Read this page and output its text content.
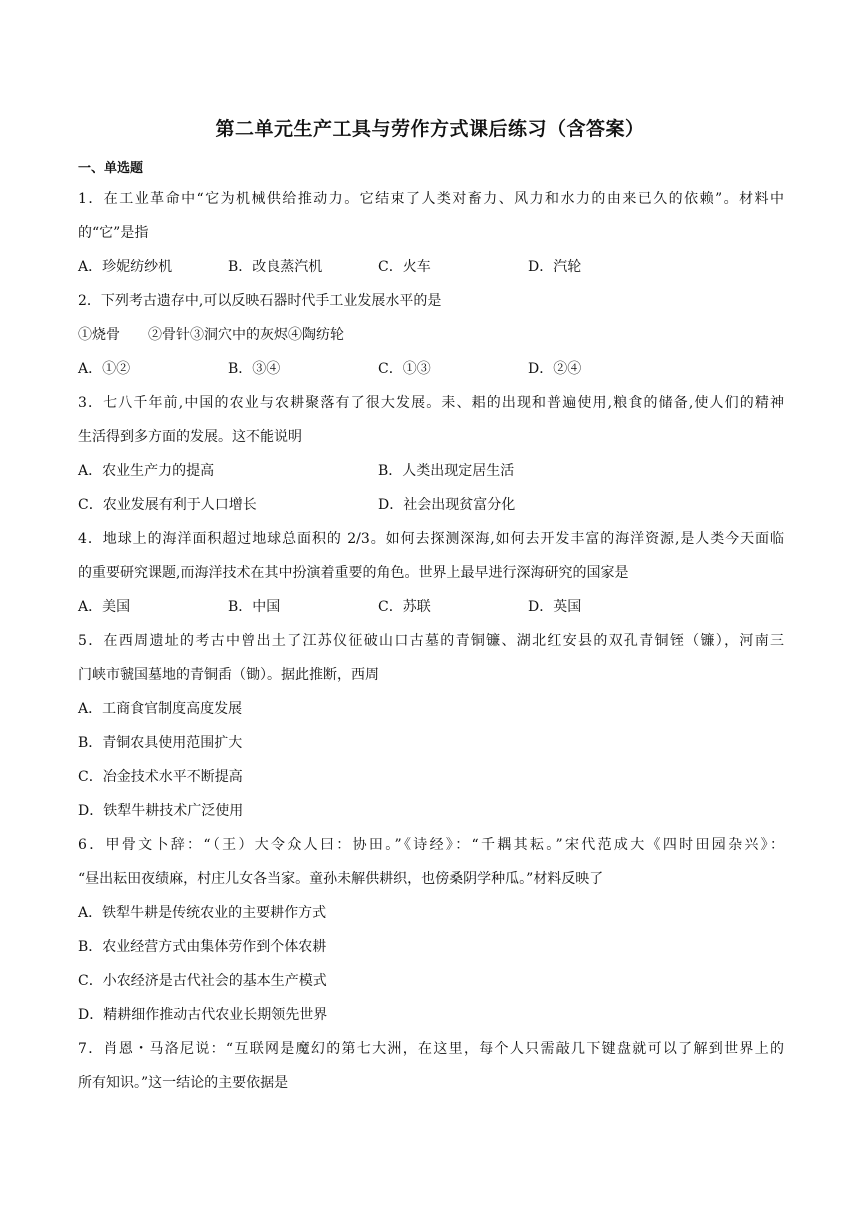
第二单元生产工具与劳作方式课后练习（含答案）
一、单选题
1．在工业革命中“它为机械供给推动力。它结束了人类对畜力、风力和水力的由来已久的依赖”。材料中
的“它”是指
A．珍妮纺纱机	B．改良蒸汽机	C．火车	D．汽轮
2．下列考古遗存中,可以反映石器时代手工业发展水平的是
①烧骨　　②骨针③洞穴中的灰烬④陶纺轮
A．①②	B．③④	C．①③	D．②④
3．七八千年前,中国的农业与农耕聚落有了很大发展。耒、耜的出现和普遍使用,粮食的储备,使人们的精神
生活得到多方面的发展。这不能说明
A．农业生产力的提高	B．人类出现定居生活
C．农业发展有利于人口增长	D．社会出现贫富分化
4．地球上的海洋面积超过地球总面积的 2/3。如何去探测深海,如何去开发丰富的海洋资源,是人类今天面临
的重要研究课题,而海洋技术在其中扮演着重要的角色。世界上最早进行深海研究的国家是
A．美国	B．中国	C．苏联	D．英国
5．在西周遗址的考古中曾出土了江苏仪征破山口古墓的青铜镰、湖北红安县的双孔青铜铚（镰），河南三
门峡市虢国墓地的青铜臿（锄）。据此推断，西周
A．工商食官制度高度发展
B．青铜农具使用范围扩大
C．冶金技术水平不断提高
D．铁犁牛耕技术广泛使用
6．甲骨文卜辞：“（王）大令众人曰：协田。”《诗经》：“千耦其耘。”宋代范成大《四时田园杂兴》：
“昼出耘田夜绩麻，村庄儿女各当家。童孙未解供耕织，也傍桑阴学种瓜。”材料反映了
A．铁犁牛耕是传统农业的主要耕作方式
B．农业经营方式由集体劳作到个体农耕
C．小农经济是古代社会的基本生产模式
D．精耕细作推动古代农业长期领先世界
7．肖恩・马洛尼说：“互联网是魔幻的第七大洲，在这里，每个人只需敲几下键盘就可以了解到世界上的
所有知识。”这一结论的主要依据是
